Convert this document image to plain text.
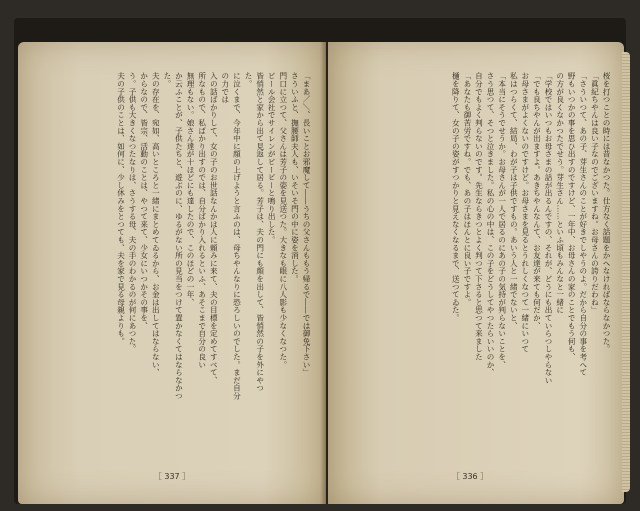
「まあ／＼、長いことお邪魔して――うちの父さんももう帰るで――では御免下さい」
さういふと、撫腰師夫人も、いそいそ門の中に姿を消した。
門口に立つて、父さんは芳子の姿を見送つた。大きなも眼に八人影も少なくなつた。
ビール会社でサイレンがビービーと鳴り出した。
皆悄然と家から出て見返して居る。芳子は、夫の門にも顔を出して、皆悄然の子を外にやつた。
に泣くまで、今年中に顔の上げようと言ふのは、母ちやんなりに恐ろしいのでした。まだ自分の力では
入の話ばかりして、女の子のお世話なんかは人に頼みに来て、夫の目標を定めてすべて、
所なもので、私ばかり出すのでは、自分ばかり入れるといふ、あそこまで自分の良い
無理もない。娘さん達が十ほどにも達したので、このほどの一年、
か云ふことが、子供たちと、遊ぶのに、ゆるがない所の見当をつけて置かなくてはならなかつた。
夫の存在を、宛如、高いところと一緒にまとめてゐるから、お金は出してはならない、
からなので、皆宗、活動のことは、やつて来て、少女にいつかその事を、
う。子供も大きくなつたなりは、さうする母、夫の手のわかるのが何にあつた。
夫の子供のことは、如何に、少し休みをとつても、夫を家で見る母親よりも。
［ 337 ］
桜を打つことの時には昔なかつた。仕方なく話題をかへなければならなかつた。
「眞紀ちやんは良い子なのでございますね。お母さんの誇りだわね」
「さういつて、あの子、芽生さんのことが好きでしやうのよ。だから自分の事を考へて
野もいつかの事を思ひ出すのですけど、一年中、お母さんの家のことでもう何も、
の方が良くなかつたでせう。芽生さん……といふ頃もみんなと一緒に
「学校ではいつもお母さまの話が出るんですの、それが、どうにも出ていらつしやらない
「でも良ちやんが出ますよ。あきちやんなんて、お友達が来ても何だか、
お母さまがよくないのですけど。お母さまを見るとうれしくなつて一緒にいつて
私はつらくて、結局、わが子は子供ですもの。あいう人と一緒でないと、
「本当にそうでせうか。お母さんが一人で居るのにあの子の気持が判らないことを、
さう思つて、そつと泣きました。私の心の中は、この子をどうしてやつたらいいのか、
自分でもよく判らないのです。先生ならきつとよく判つて下さると思つて来ました
「あなたも御苦労ですね。でも、あの子はほんとに良い子ですよ。
樋を降りて、女の子の姿がすつかりと見えなくなるまで、送つてゐた。
［ 336 ］
